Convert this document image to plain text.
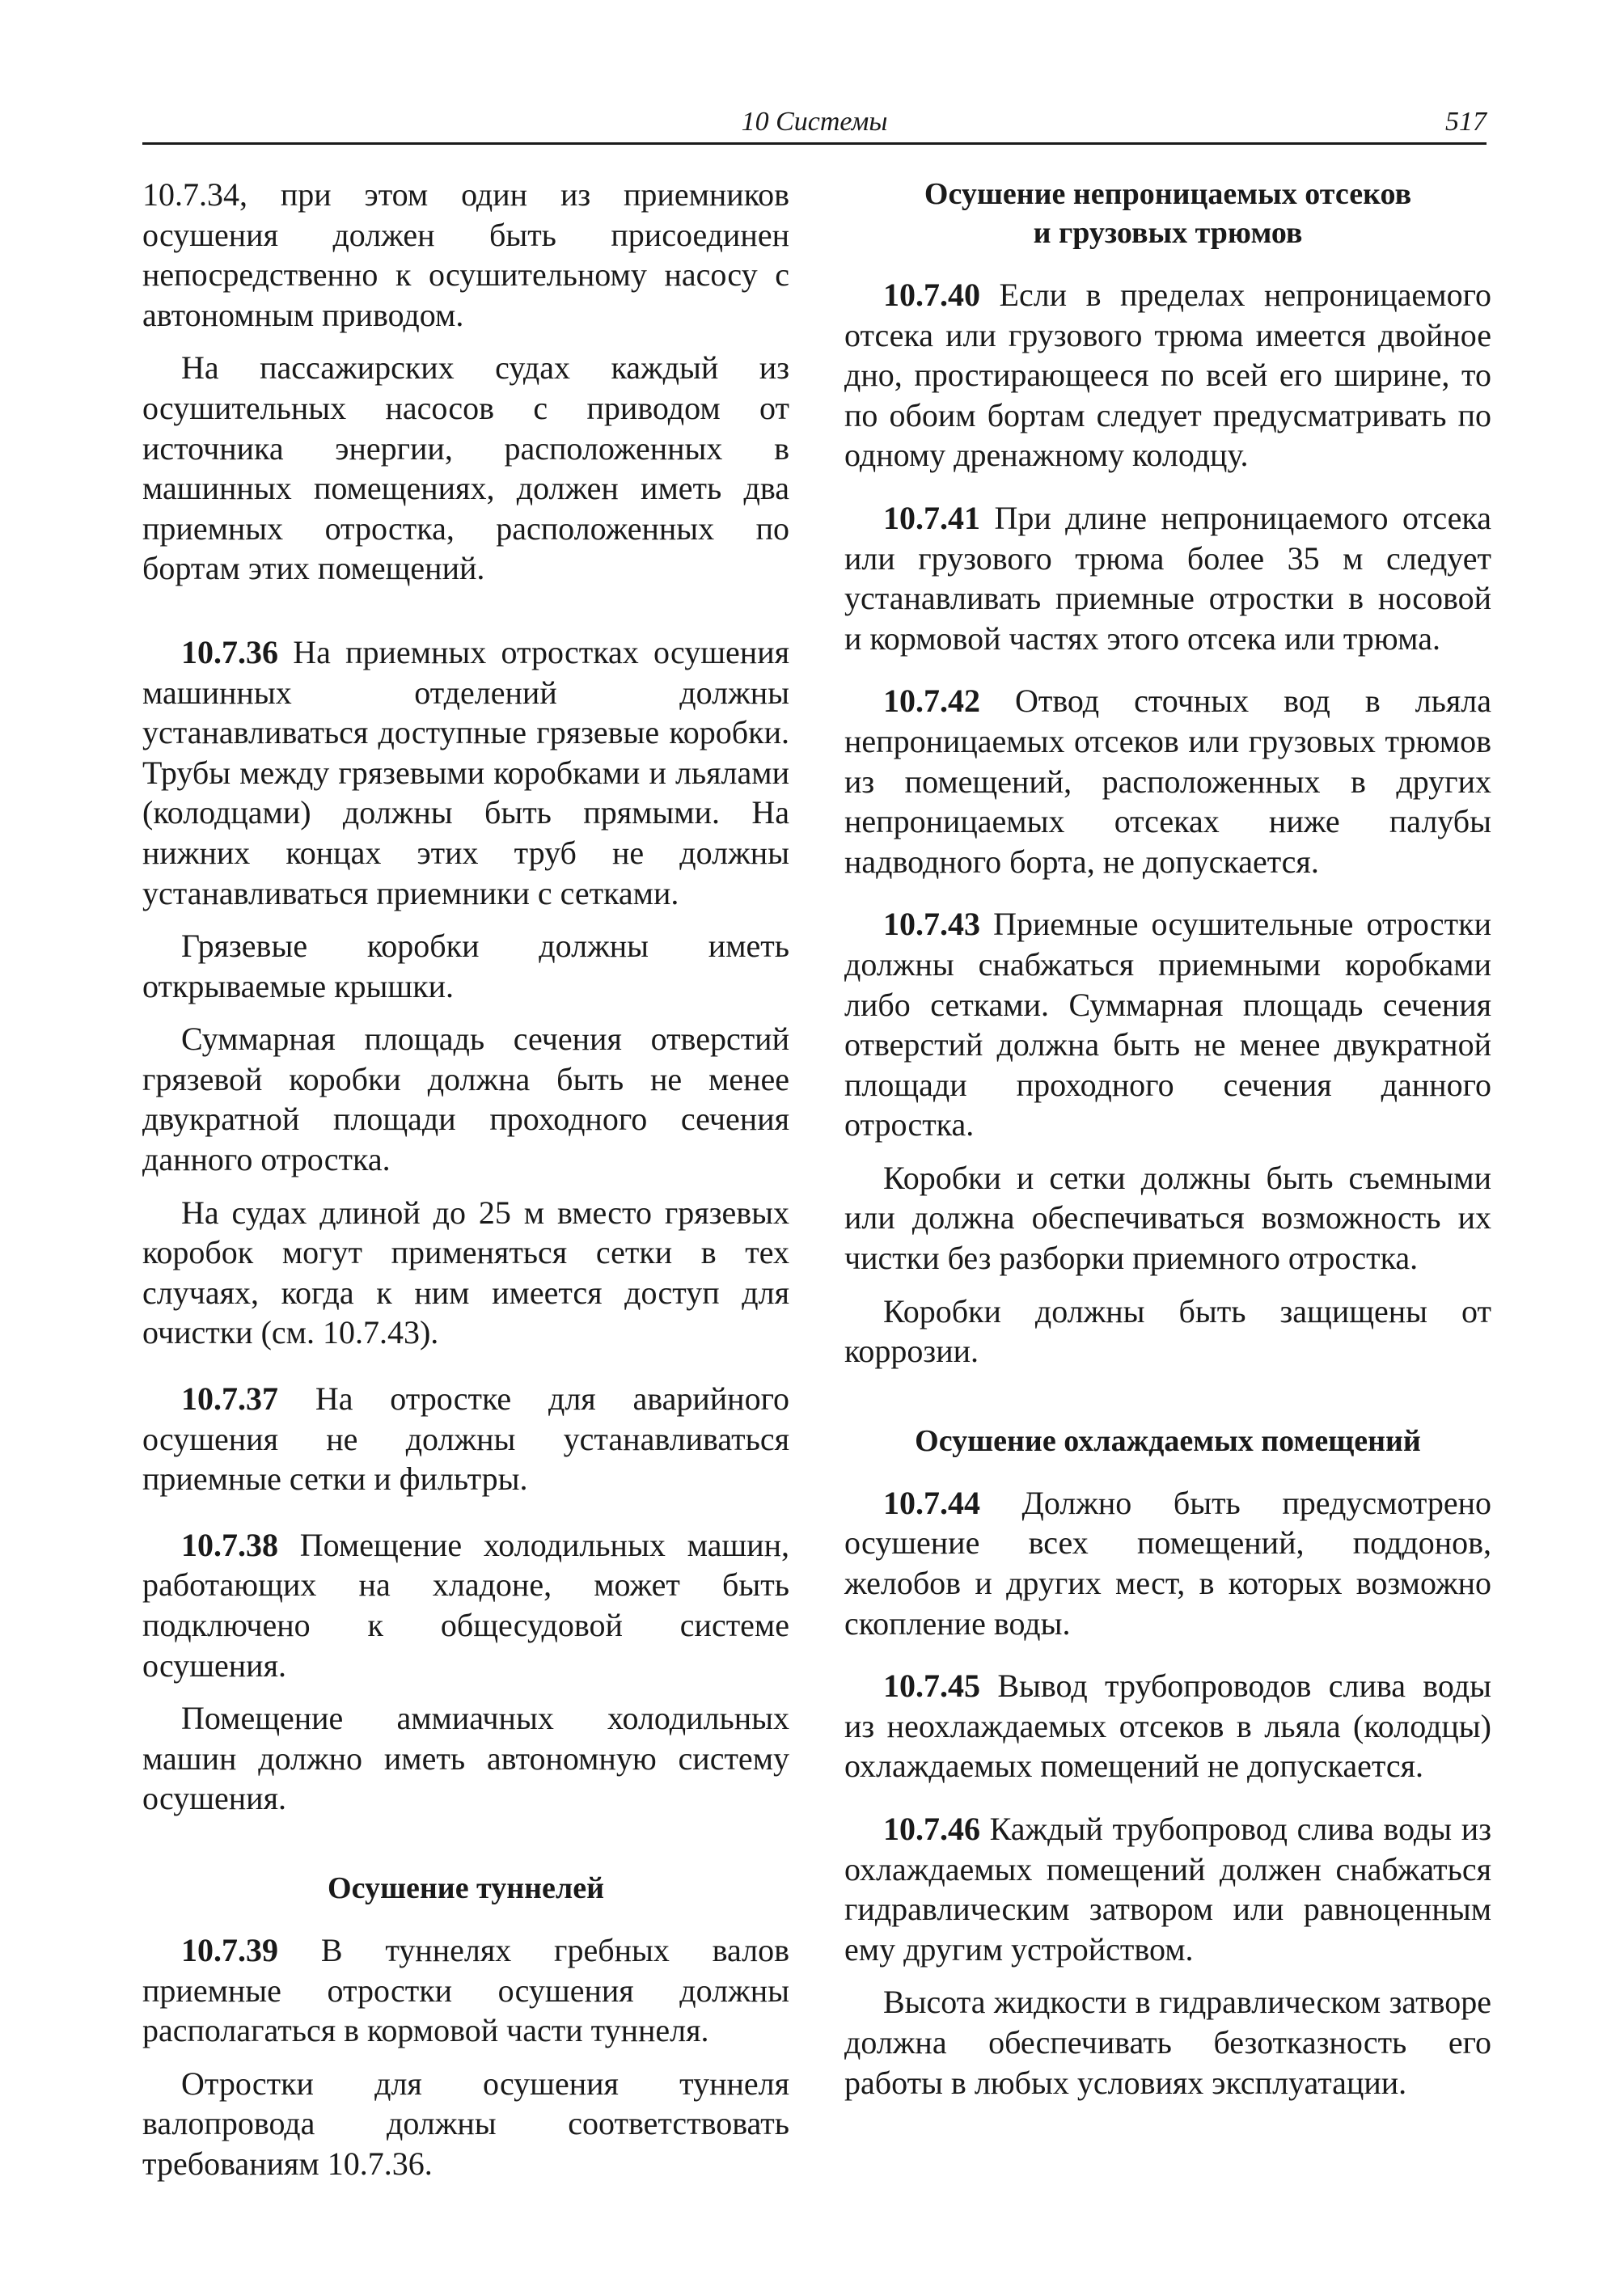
10 Системы	517

10.7.34, при этом один из приемников осушения должен быть присоединен непосредственно к осушительному насосу с автономным приводом.

На пассажирских судах каждый из осушительных насосов с приводом от источника энергии, расположенных в машинных помещениях, должен иметь два приемных отростка, расположенных по бортам этих помещений.

10.7.36 На приемных отростках осушения машинных отделений должны устанавливаться доступные грязевые коробки. Трубы между грязевыми коробками и льялами (колодцами) должны быть прямыми. На нижних концах этих труб не должны устанавливаться приемники с сетками.

Грязевые коробки должны иметь открываемые крышки.

Суммарная площадь сечения отверстий грязевой коробки должна быть не менее двукратной площади проходного сечения данного отростка.

На судах длиной до 25 м вместо грязевых коробок могут применяться сетки в тех случаях, когда к ним имеется доступ для очистки (см. 10.7.43).

10.7.37 На отростке для аварийного осушения не должны устанавливаться приемные сетки и фильтры.

10.7.38 Помещение холодильных машин, работающих на хладоне, может быть подключено к общесудовой системе осушения.

Помещение аммиачных холодильных машин должно иметь автономную систему осушения.

Осушение туннелей

10.7.39 В туннелях гребных валов приемные отростки осушения должны располагаться в кормовой части туннеля.

Отростки для осушения туннеля валопровода должны соответствовать требованиям 10.7.36.

Осушение непроницаемых отсеков
и грузовых трюмов

10.7.40 Если в пределах непроницаемого отсека или грузового трюма имеется двойное дно, простирающееся по всей его ширине, то по обоим бортам следует предусматривать по одному дренажному колодцу.

10.7.41 При длине непроницаемого отсека или грузового трюма более 35 м следует устанавливать приемные отростки в носовой и кормовой частях этого отсека или трюма.

10.7.42 Отвод сточных вод в льяла непроницаемых отсеков или грузовых трюмов из помещений, расположенных в других непроницаемых отсеках ниже палубы надводного борта, не допускается.

10.7.43 Приемные осушительные отростки должны снабжаться приемными коробками либо сетками. Суммарная площадь сечения отверстий должна быть не менее двукратной площади проходного сечения данного отростка.

Коробки и сетки должны быть съемными или должна обеспечиваться возможность их чистки без разборки приемного отростка.

Коробки должны быть защищены от коррозии.

Осушение охлаждаемых помещений

10.7.44 Должно быть предусмотрено осушение всех помещений, поддонов, желобов и других мест, в которых возможно скопление воды.

10.7.45 Вывод трубопроводов слива воды из неохлаждаемых отсеков в льяла (колодцы) охлаждаемых помещений не допускается.

10.7.46 Каждый трубопровод слива воды из охлаждаемых помещений должен снабжаться гидравлическим затвором или равноценным ему другим устройством.

Высота жидкости в гидравлическом затворе должна обеспечивать безотказность его работы в любых условиях эксплуатации.
